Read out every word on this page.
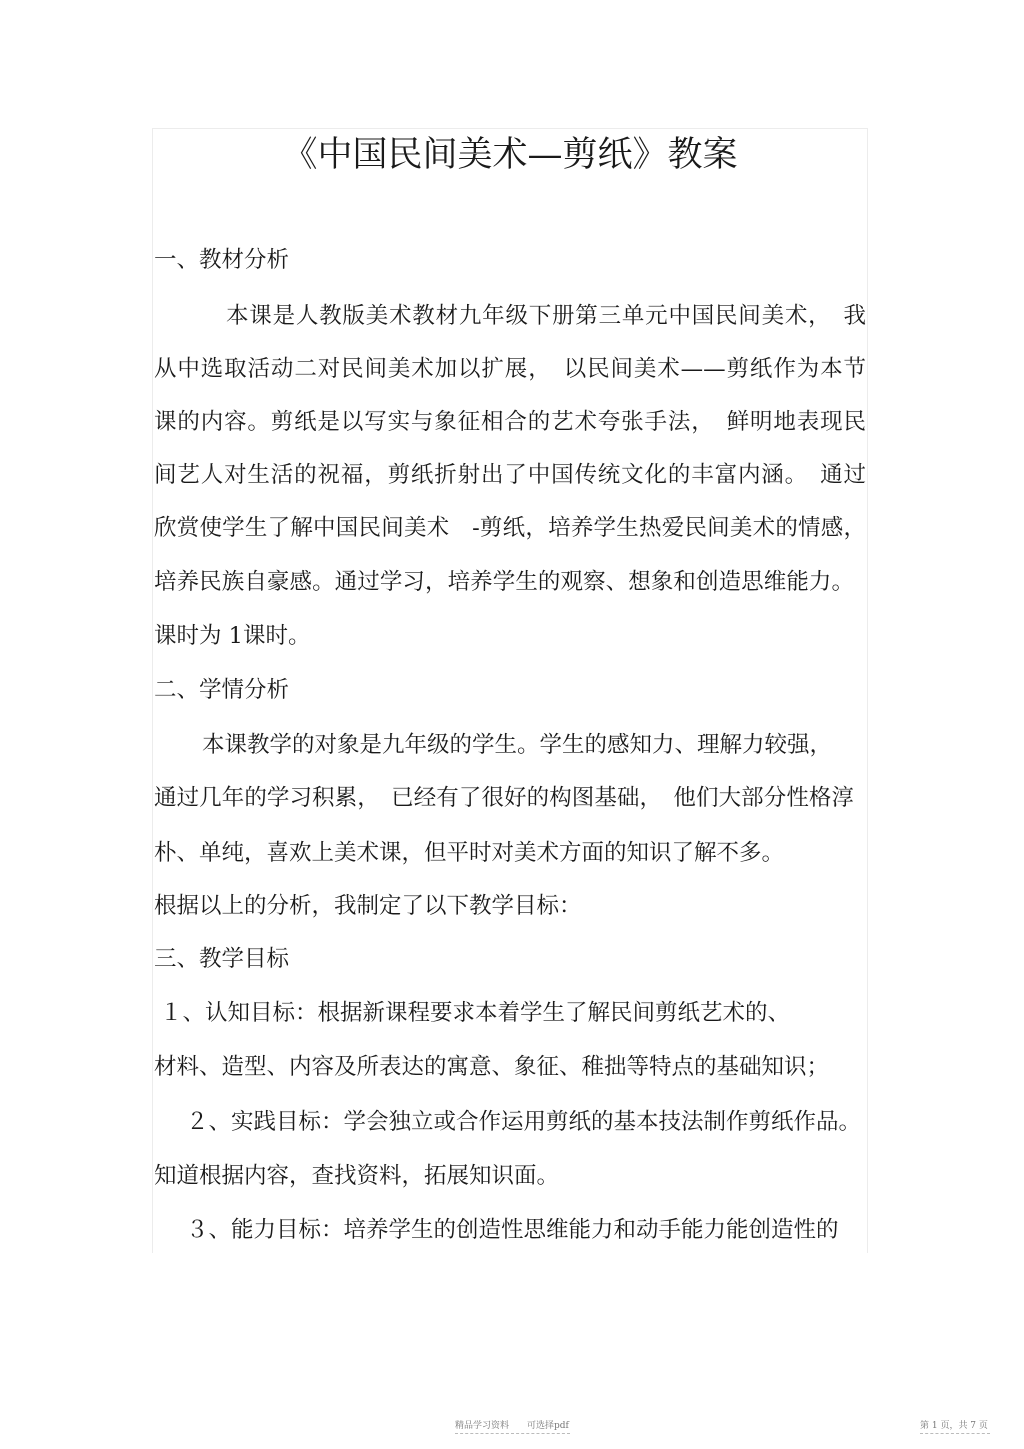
《中国民间美术—剪纸》教案
一、教材分析
本课是人教版美术教材九年级下册第三单元中国民间美术，　我
从中选取活动二对民间美术加以扩展，　以民间美术——剪纸作为本节
课的内容。剪纸是以写实与象征相合的艺术夸张手法，　鲜明地表现民
间艺人对生活的祝福，剪纸折射出了中国传统文化的丰富内涵。　通过
欣赏使学生了解中国民间美术　-剪纸，培养学生热爱民间美术的情感，
培养民族自豪感。通过学习，培养学生的观察、想象和创造思维能力。
课时为 1课时。
二、学情分析
本课教学的对象是九年级的学生。学生的感知力、理解力较强，
通过几年的学习积累，　已经有了很好的构图基础，　他们大部分性格淳
朴、单纯，喜欢上美术课，但平时对美术方面的知识了解不多。
根据以上的分析，我制定了以下教学目标：
三、教学目标
１、认知目标：根据新课程要求本着学生了解民间剪纸艺术的、
材料、造型、内容及所表达的寓意、象征、稚拙等特点的基础知识；
２、实践目标：学会独立或合作运用剪纸的基本技法制作剪纸作品。
知道根据内容，查找资料，拓展知识面。
３、能力目标：培养学生的创造性思维能力和动手能力能创造性的
精品学习资料　　可选择pdf	第 1 页，共 7 页
